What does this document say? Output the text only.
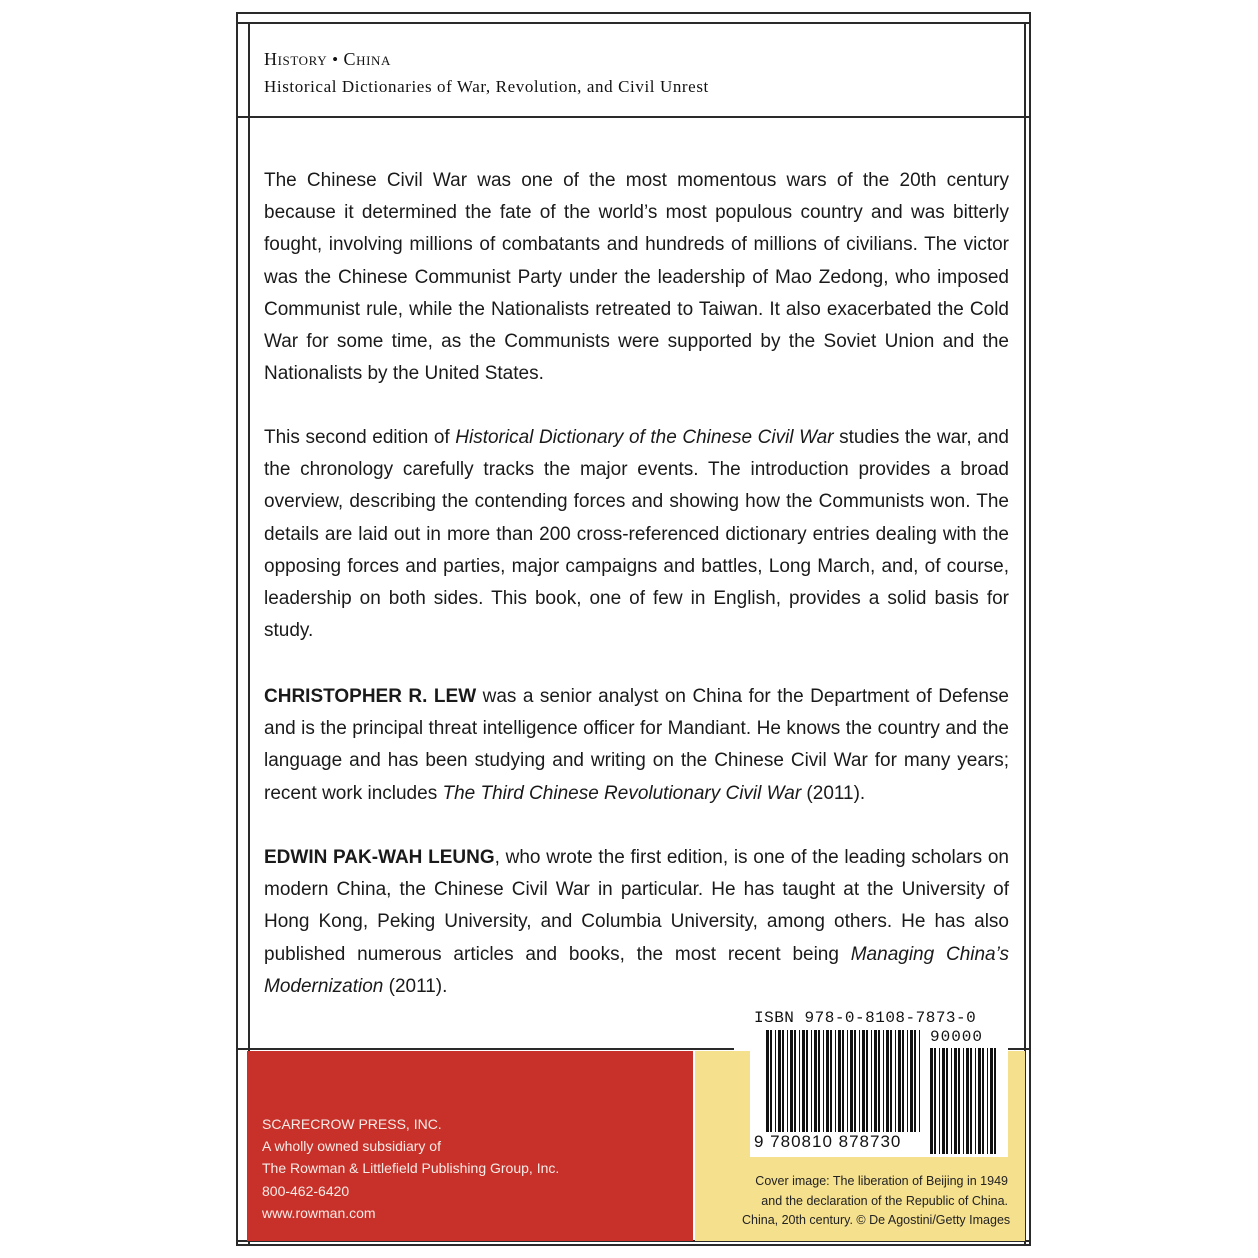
History • China
Historical Dictionaries of War, Revolution, and Civil Unrest

The Chinese Civil War was one of the most momentous wars of the 20th century because it determined the fate of the world’s most populous country and was bitterly fought, involving millions of combatants and hundreds of millions of civilians. The victor was the Chinese Communist Party under the leadership of Mao Zedong, who imposed Communist rule, while the Nationalists retreated to Taiwan. It also exacerbated the Cold War for some time, as the Communists were supported by the Soviet Union and the Nationalists by the United States.

This second edition of Historical Dictionary of the Chinese Civil War studies the war, and the chronology carefully tracks the major events. The introduction provides a broad overview, describing the contending forces and showing how the Communists won. The details are laid out in more than 200 cross-referenced dictionary entries dealing with the opposing forces and parties, major campaigns and battles, Long March, and, of course, leadership on both sides. This book, one of few in English, provides a solid basis for study.

CHRISTOPHER R. LEW was a senior analyst on China for the Department of Defense and is the principal threat intelligence officer for Mandiant. He knows the country and the language and has been studying and writing on the Chinese Civil War for many years; recent work includes The Third Chinese Revolutionary Civil War (2011).

EDWIN PAK-WAH LEUNG, who wrote the first edition, is one of the leading scholars on modern China, the Chinese Civil War in particular. He has taught at the University of Hong Kong, Peking University, and Columbia University, among others. He has also published numerous articles and books, the most recent being Managing China’s Modernization (2011).

SCARECROW PRESS, INC.
A wholly owned subsidiary of
The Rowman & Littlefield Publishing Group, Inc.
800-462-6420
www.rowman.com
ISBN 978-0-8108-7873-0
90000
9 780810 878730
Cover image: The liberation of Beijing in 1949
and the declaration of the Republic of China.
China, 20th century. © De Agostini/Getty Images
